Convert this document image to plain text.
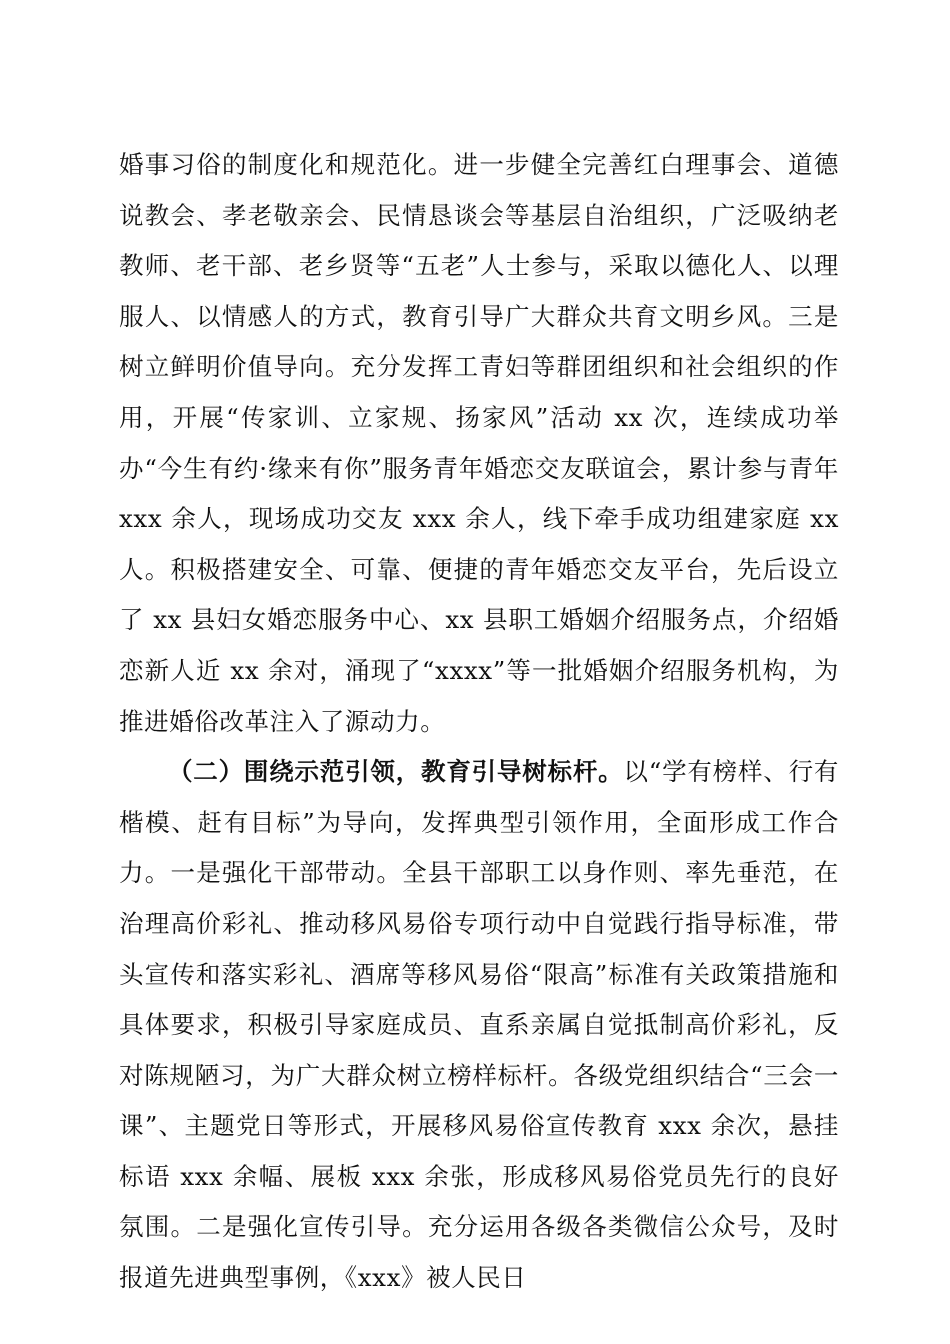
婚事习俗的制度化和规范化。进一步健全完善红白理事会、道德说教会、孝老敬亲会、民情恳谈会等基层自治组织，广泛吸纳老教师、老干部、老乡贤等“五老”人士参与，采取以德化人、以理服人、以情感人的方式，教育引导广大群众共育文明乡风。三是树立鲜明价值导向。充分发挥工青妇等群团组织和社会组织的作用，开展“传家训、立家规、扬家风”活动 xx 次，连续成功举办“今生有约·缘来有你”服务青年婚恋交友联谊会，累计参与青年 xxx 余人，现场成功交友 xxx 余人，线下牵手成功组建家庭 xx 人。积极搭建安全、可靠、便捷的青年婚恋交友平台，先后设立了 xx 县妇女婚恋服务中心、xx 县职工婚姻介绍服务点，介绍婚恋新人近 xx 余对，涌现了“xxxx”等一批婚姻介绍服务机构，为推进婚俗改革注入了源动力。

（二）围绕示范引领，教育引导树标杆。以“学有榜样、行有楷模、赶有目标”为导向，发挥典型引领作用，全面形成工作合力。一是强化干部带动。全县干部职工以身作则、率先垂范，在治理高价彩礼、推动移风易俗专项行动中自觉践行指导标准，带头宣传和落实彩礼、酒席等移风易俗“限高”标准有关政策措施和具体要求，积极引导家庭成员、直系亲属自觉抵制高价彩礼，反对陈规陋习，为广大群众树立榜样标杆。各级党组织结合“三会一课”、主题党日等形式，开展移风易俗宣传教育 xxx 余次，悬挂标语 xxx 余幅、展板 xxx 余张，形成移风易俗党员先行的良好氛围。二是强化宣传引导。充分运用各级各类微信公众号，及时报道先进典型事例，《xxx》被人民日
